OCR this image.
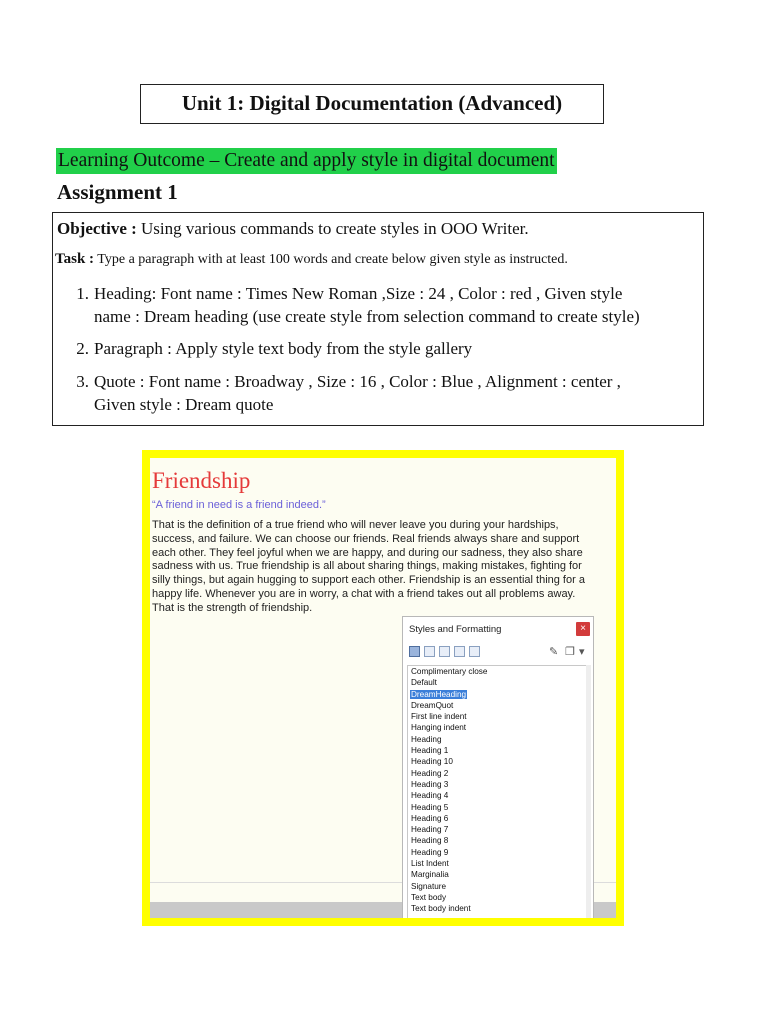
Unit 1: Digital Documentation (Advanced)
Learning Outcome – Create and apply style in digital document
Assignment 1
Objective : Using various commands to create styles in OOO Writer.
Task : Type a paragraph with at least 100 words and create below given style as instructed.
1. Heading: Font name : Times New Roman ,Size : 24 , Color : red , Given style
name : Dream heading (use create style from selection command to create style)
2. Paragraph : Apply style text body from the style gallery
3. Quote : Font name : Broadway , Size : 16 , Color : Blue , Alignment : center ,
Given style : Dream quote
Friendship
“A friend in need is a friend indeed.”
That is the definition of a true friend who will never leave you during your hardships,
success, and failure. We can choose our friends. Real friends always share and support
each other. They feel joyful when we are happy, and during our sadness, they also share
sadness with us. True friendship is all about sharing things, making mistakes, fighting for
silly things, but again hugging to support each other. Friendship is an essential thing for a
happy life. Whenever you are in worry, a chat with a friend takes out all problems away.
That is the strength of friendship.
Styles and Formatting	×
✎ ❐ ▾
Complimentary close
Default
DreamHeading
DreamQuot
First line indent
Hanging indent
Heading
Heading 1
Heading 10
Heading 2
Heading 3
Heading 4
Heading 5
Heading 6
Heading 7
Heading 8
Heading 9
List Indent
Marginalia
Signature
Text body
Text body indent
